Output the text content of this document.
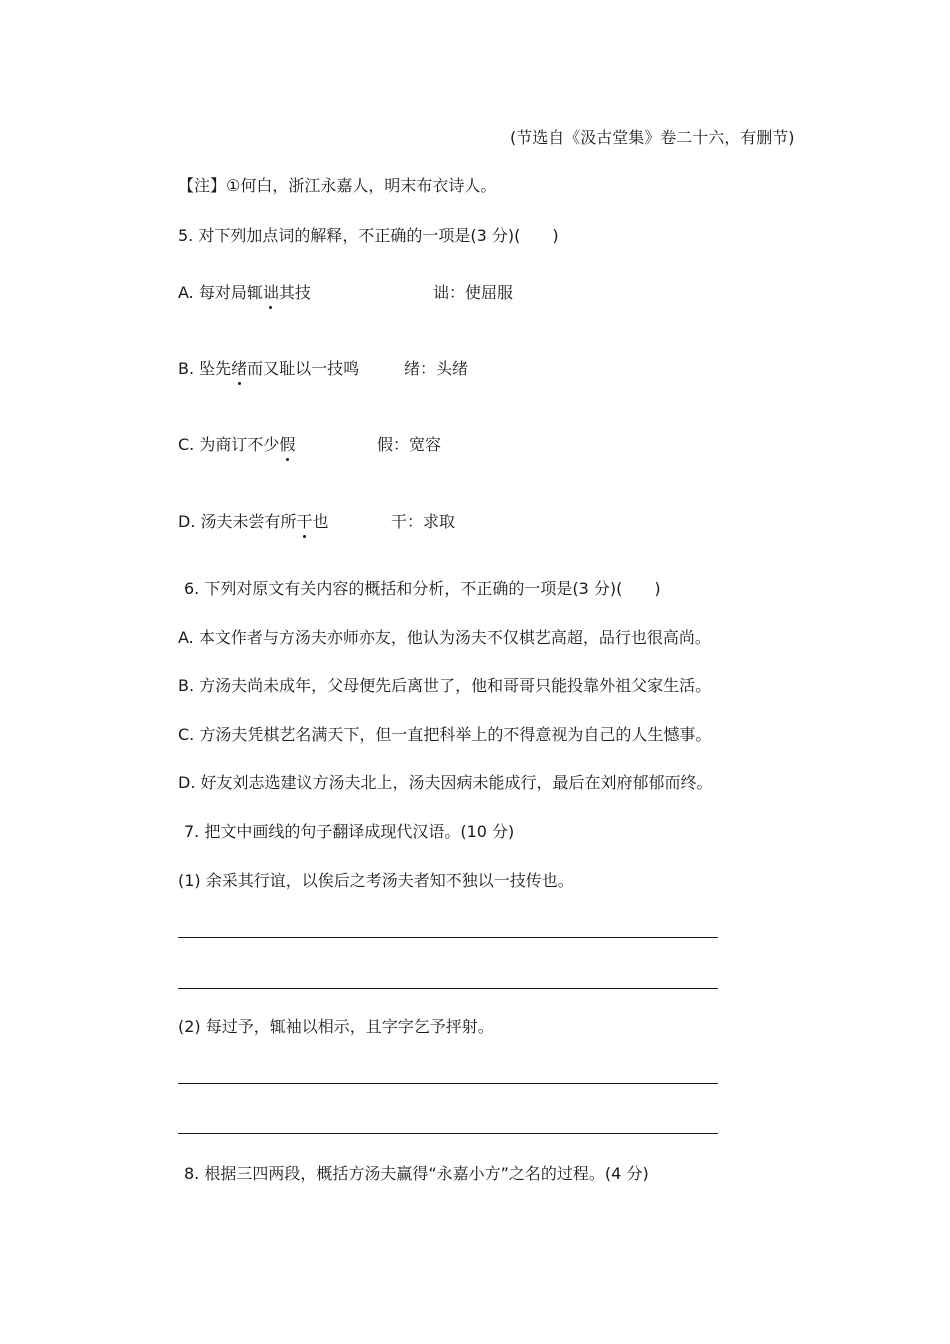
(节选自《汲古堂集》卷二十六，有删节)
【注】①何白，浙江永嘉人，明末布衣诗人。
5. 对下列加点词的解释，不正确的一项是(3 分)(　　)
A. 每对局辄诎其技	诎：使屈服
B. 坠先绪而又耻以一技鸣	绪：头绪
C. 为商订不少假	假：宽容
D. 汤夫未尝有所干也	干：求取
6. 下列对原文有关内容的概括和分析，不正确的一项是(3 分)(　　)
A. 本文作者与方汤夫亦师亦友，他认为汤夫不仅棋艺高超，品行也很高尚。
B. 方汤夫尚未成年，父母便先后离世了，他和哥哥只能投靠外祖父家生活。
C. 方汤夫凭棋艺名满天下，但一直把科举上的不得意视为自己的人生憾事。
D. 好友刘志选建议方汤夫北上，汤夫因病未能成行，最后在刘府郁郁而终。
7. 把文中画线的句子翻译成现代汉语。(10 分)
(1) 余采其行谊，以俟后之考汤夫者知不独以一技传也。
(2) 每过予，辄袖以相示，且字字乞予抨射。
8. 根据三四两段，概括方汤夫赢得“永嘉小方”之名的过程。(4 分)
